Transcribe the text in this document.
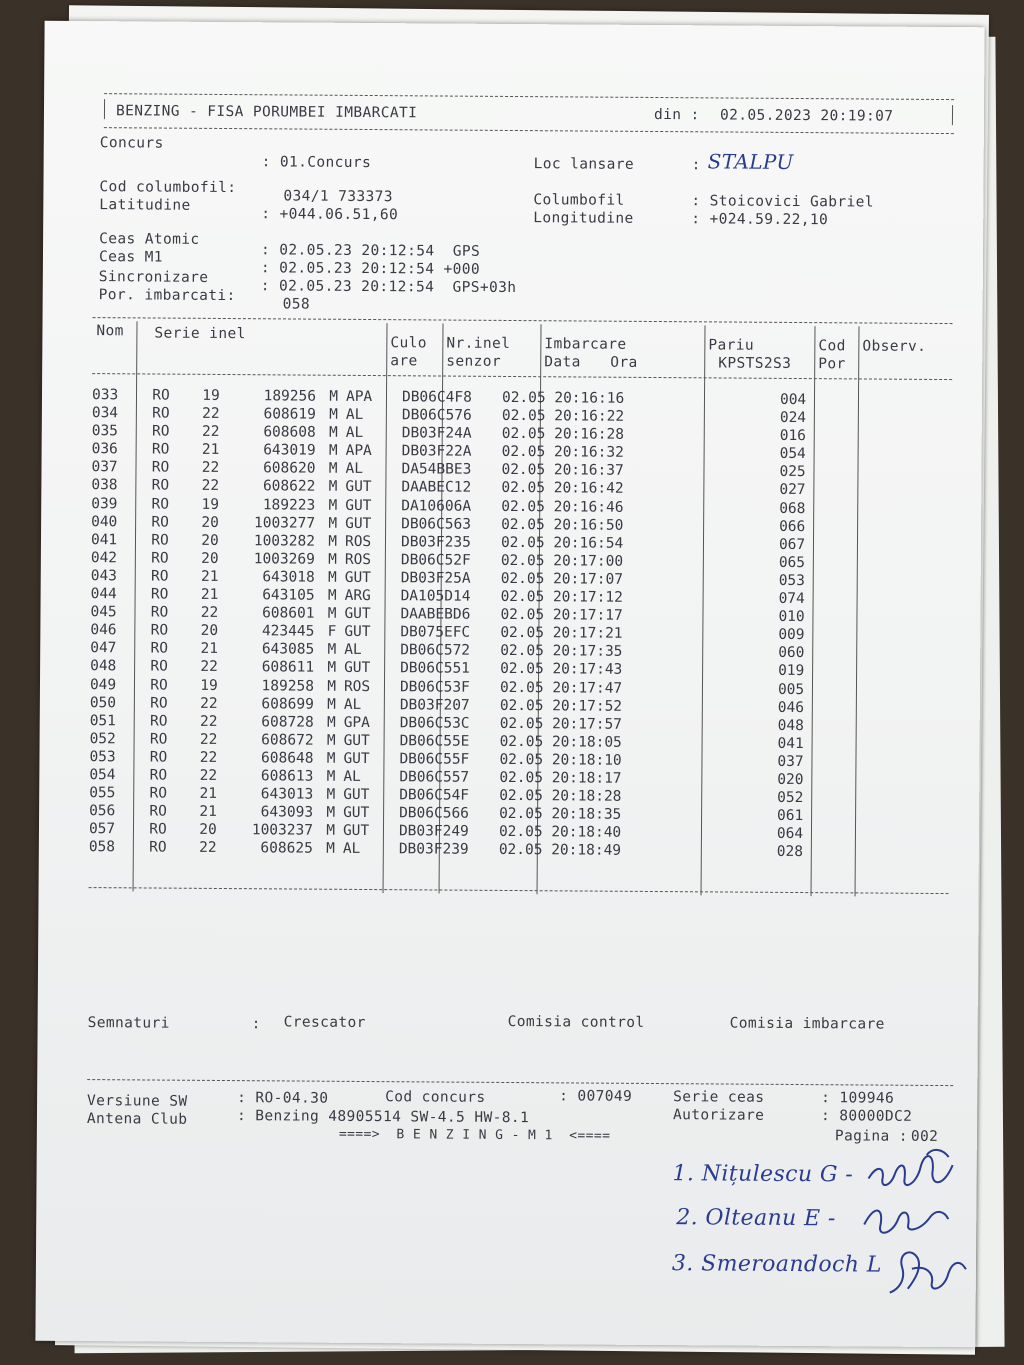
BENZING - FISA PORUMBEI IMBARCATI	din : 02.05.2023 20:19:07
Concurs
: 01.Concurs	Loc lansare	: STALPU
Cod columbofil:
034/1 733373
Latitudine
: +044.06.51,60
Columbofil	: Stoicovici Gabriel
Longitudine	: +024.59.22,10
Ceas Atomic
: 02.05.23 20:12:54  GPS
Ceas M1
: 02.05.23 20:12:54 +000
Sincronizare
: 02.05.23 20:12:54  GPS+03h
Por. imbarcati:
058
Nom Serie inel
Culo
are
Nr.inel
senzor
Imbarcare
Data Ora
Pariu
KPSTS2S3
Cod
Por
Observ.
033	RO	19	189256	M	APA	DB06C4F8	02.05 20:16:16		004
034	RO	22	608619	M	AL	DB06C576	02.05 20:16:22		024
035	RO	22	608608	M	AL	DB03F24A	02.05 20:16:28		016
036	RO	21	643019	M	APA	DB03F22A	02.05 20:16:32		054
037	RO	22	608620	M	AL	DA54BBE3	02.05 20:16:37		025
038	RO	22	608622	M	GUT	DAABEC12	02.05 20:16:42		027
039	RO	19	189223	M	GUT	DA10606A	02.05 20:16:46		068
040	RO	20	1003277	M	GUT	DB06C563	02.05 20:16:50		066
041	RO	20	1003282	M	ROS	DB03F235	02.05 20:16:54		067
042	RO	20	1003269	M	ROS	DB06C52F	02.05 20:17:00		065
043	RO	21	643018	M	GUT	DB03F25A	02.05 20:17:07		053
044	RO	21	643105	M	ARG	DA105D14	02.05 20:17:12		074
045	RO	22	608601	M	GUT	DAABEBD6	02.05 20:17:17		010
046	RO	20	423445	F	GUT	DB075EFC	02.05 20:17:21		009
047	RO	21	643085	M	AL	DB06C572	02.05 20:17:35		060
048	RO	22	608611	M	GUT	DB06C551	02.05 20:17:43		019
049	RO	19	189258	M	ROS	DB06C53F	02.05 20:17:47		005
050	RO	22	608699	M	AL	DB03F207	02.05 20:17:52		046
051	RO	22	608728	M	GPA	DB06C53C	02.05 20:17:57		048
052	RO	22	608672	M	GUT	DB06C55E	02.05 20:18:05		041
053	RO	22	608648	M	GUT	DB06C55F	02.05 20:18:10		037
054	RO	22	608613	M	AL	DB06C557	02.05 20:18:17		020
055	RO	21	643013	M	GUT	DB06C54F	02.05 20:18:28		052
056	RO	21	643093	M	GUT	DB06C566	02.05 20:18:35		061
057	RO	20	1003237	M	GUT	DB03F249	02.05 20:18:40		064
058	RO	22	608625	M	AL	DB03F239	02.05 20:18:49		028
Semnaturi	: Crescator	Comisia control	Comisia imbarcare
Versiune SW	: RO-04.30	Cod concurs	: 007049	Serie ceas	: 109946
Antena Club	: Benzing 48905514 SW-4.5 HW-8.1	Autorizare	: 80000DC2
====>  B E N Z I N G - M 1  <====	Pagina : 002
1. Nițulescu G -
2. Olteanu E -
3. Smeroandoch L
